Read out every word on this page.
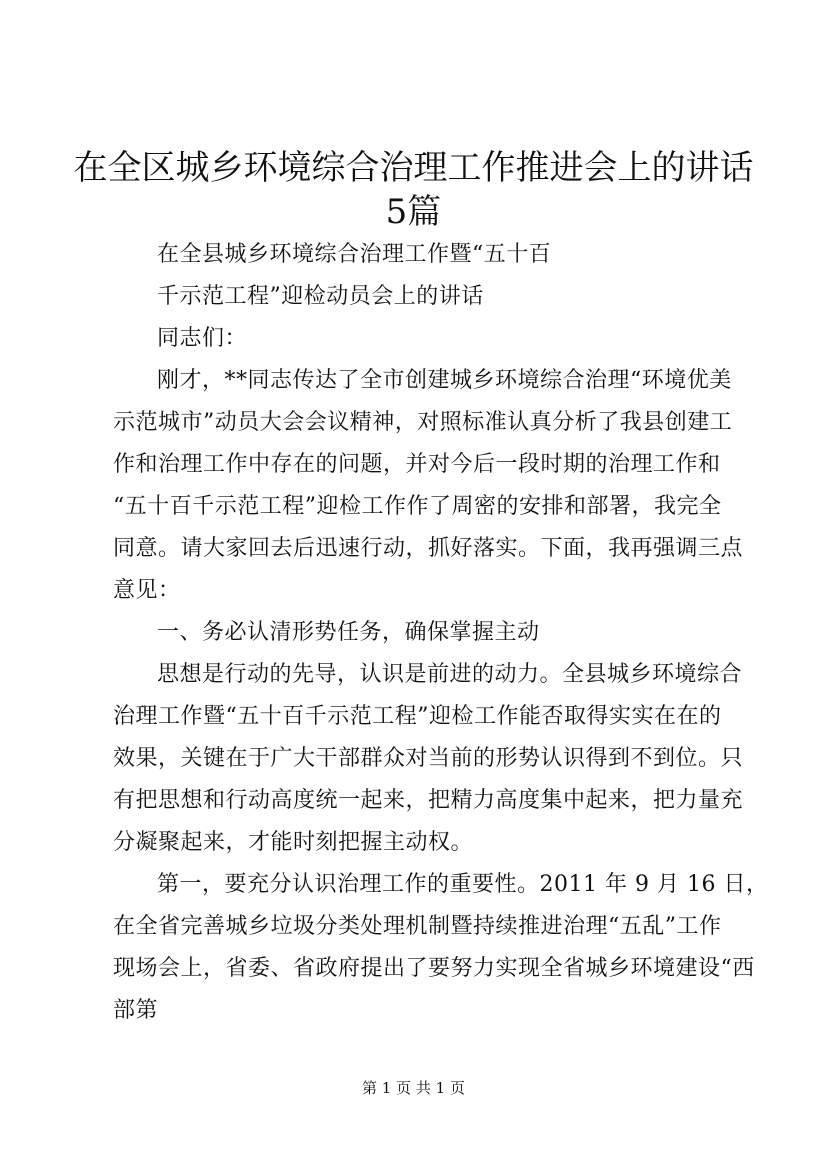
在全区城乡环境综合治理工作推进会上的讲话
5篇
在全县城乡环境综合治理工作暨“五十百
千示范工程”迎检动员会上的讲话
同志们：
刚才，**同志传达了全市创建城乡环境综合治理“环境优美
示范城市”动员大会会议精神，对照标准认真分析了我县创建工
作和治理工作中存在的问题，并对今后一段时期的治理工作和
“五十百千示范工程”迎检工作作了周密的安排和部署，我完全
同意。请大家回去后迅速行动，抓好落实。下面，我再强调三点
意见：
一、务必认清形势任务，确保掌握主动
思想是行动的先导，认识是前进的动力。全县城乡环境综合
治理工作暨“五十百千示范工程”迎检工作能否取得实实在在的
效果，关键在于广大干部群众对当前的形势认识得到不到位。只
有把思想和行动高度统一起来，把精力高度集中起来，把力量充
分凝聚起来，才能时刻把握主动权。
第一，要充分认识治理工作的重要性。2011 年 9 月 16 日，
在全省完善城乡垃圾分类处理机制暨持续推进治理“五乱”工作
现场会上，省委、省政府提出了要努力实现全省城乡环境建设“西
部第
第 1 页 共 1 页
